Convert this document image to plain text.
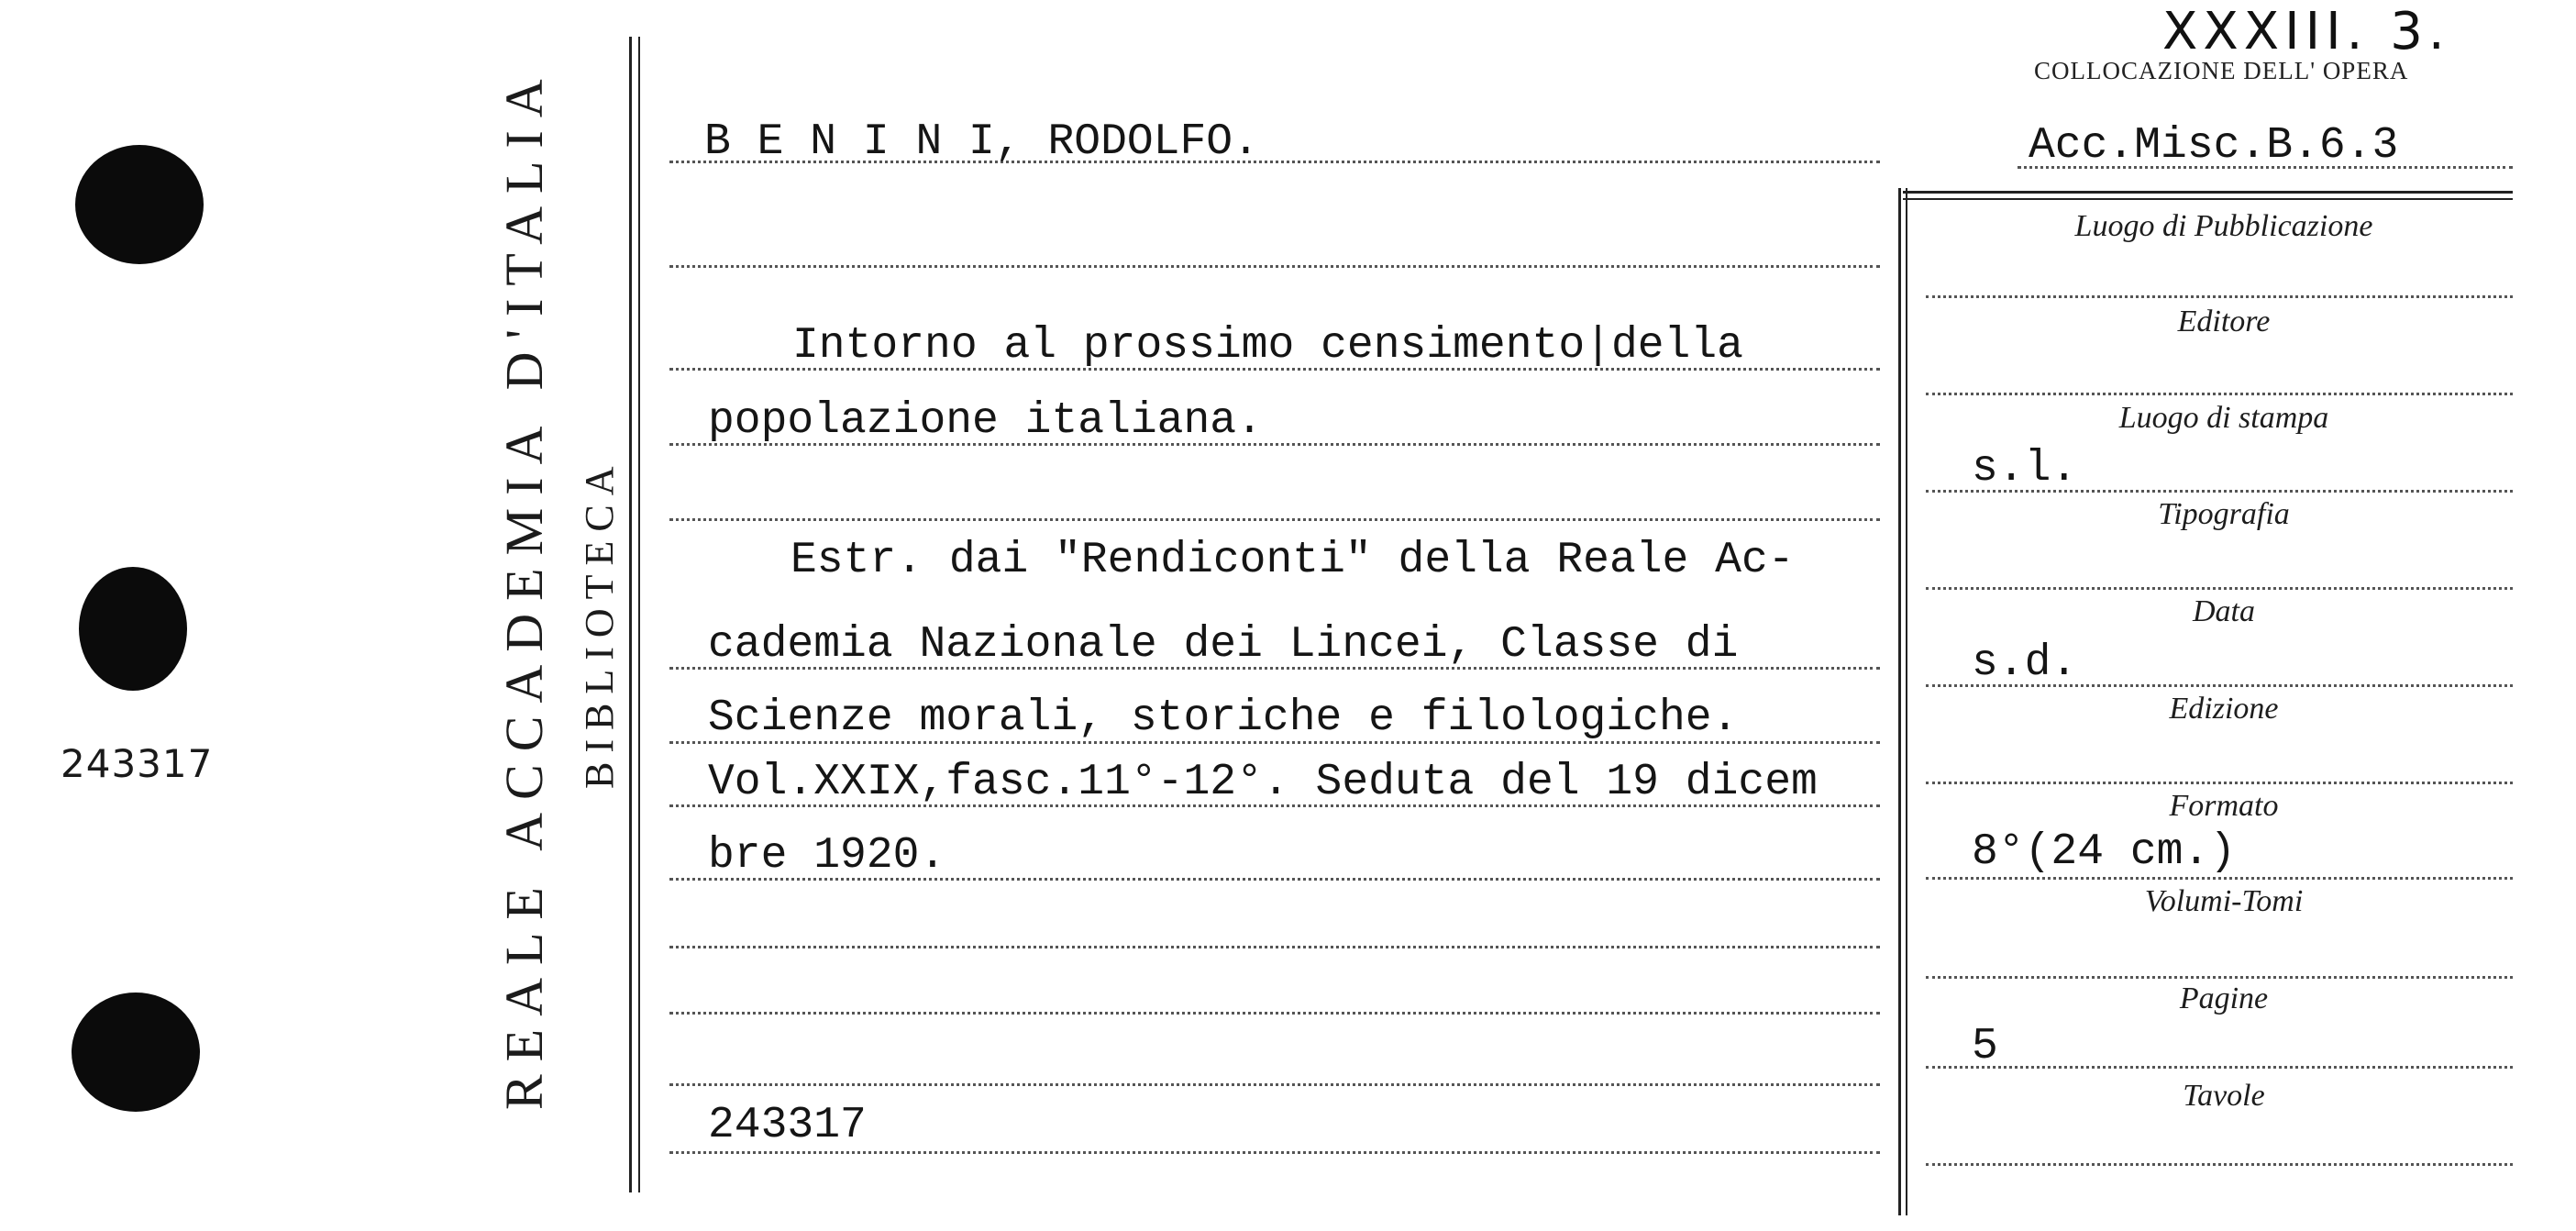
243317	REALE ACCADEMIA D'ITALIA BIBLIOTECA
XXXIII. 3.
COLLOCAZIONE DELL' OPERA
Acc.Misc.B.6.3
B E N I N I, RODOLFO.
Intorno al prossimo censimento|della
popolazione italiana.
Estr. dai "Rendiconti" della Reale Ac-
cademia Nazionale dei Lincei, Classe di
Scienze morali, storiche e filologiche.
Vol.XXIX,fasc.11°-12°. Seduta del 19 dicem
bre 1920.
243317
Luogo di Pubblicazione
Editore
Luogo di stampa
s.l.
Tipografia
Data
s.d.
Edizione
Formato
8°(24 cm.)
Volumi-Tomi
Pagine
5
Tavole
